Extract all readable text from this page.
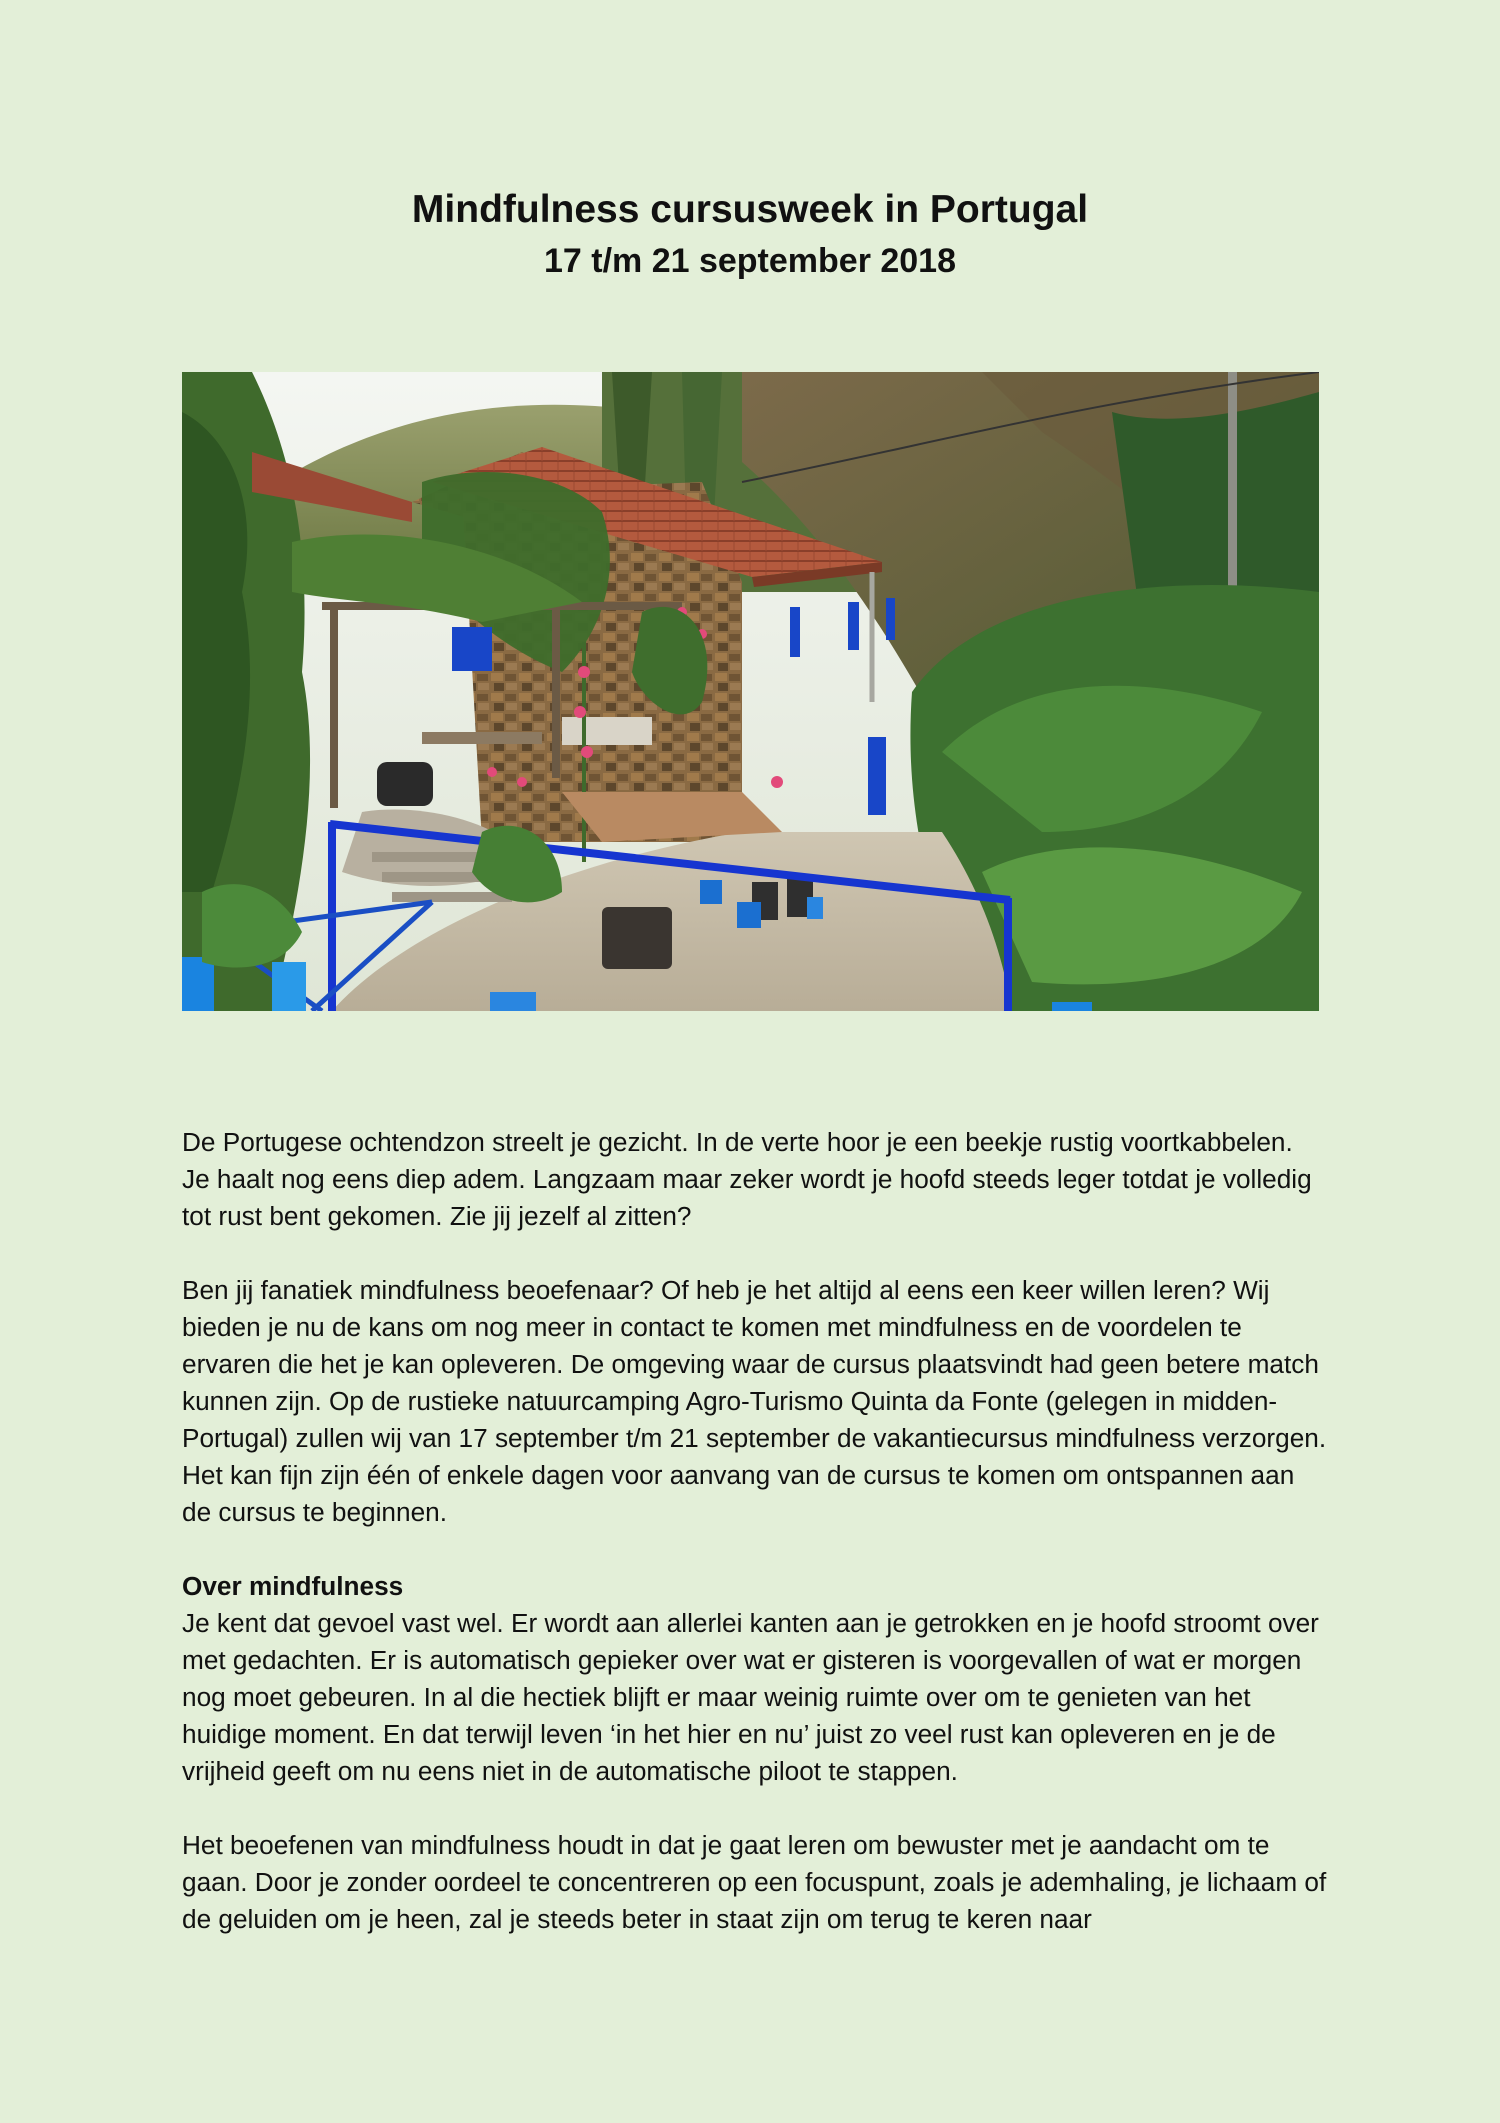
Mindfulness cursusweek in Portugal
17 t/m 21 september 2018

De Portugese ochtendzon streelt je gezicht. In de verte hoor je een beekje rustig voortkabbelen. Je haalt nog eens diep adem. Langzaam maar zeker wordt je hoofd steeds leger totdat je volledig tot rust bent gekomen. Zie jij jezelf al zitten?

Ben jij fanatiek mindfulness beoefenaar? Of heb je het altijd al eens een keer willen leren? Wij bieden je nu de kans om nog meer in contact te komen met mindfulness en de voordelen te ervaren die het je kan opleveren. De omgeving waar de cursus plaatsvindt had geen betere match kunnen zijn. Op de rustieke natuurcamping Agro-Turismo Quinta da Fonte (gelegen in midden-Portugal) zullen wij van 17 september t/m 21 september de vakantiecursus mindfulness verzorgen. Het kan fijn zijn één of enkele dagen voor aanvang van de cursus te komen om ontspannen aan de cursus te beginnen.

Over mindfulness

Je kent dat gevoel vast wel. Er wordt aan allerlei kanten aan je getrokken en je hoofd stroomt over met gedachten. Er is automatisch gepieker over wat er gisteren is voorgevallen of wat er morgen nog moet gebeuren. In al die hectiek blijft er maar weinig ruimte over om te genieten van het huidige moment. En dat terwijl leven ‘in het hier en nu’ juist zo veel rust kan opleveren en je de vrijheid geeft om nu eens niet in de automatische piloot te stappen.

Het beoefenen van mindfulness houdt in dat je gaat leren om bewuster met je aandacht om te gaan. Door je zonder oordeel te concentreren op een focuspunt, zoals je ademhaling, je lichaam of de geluiden om je heen, zal je steeds beter in staat zijn om terug te keren naar
